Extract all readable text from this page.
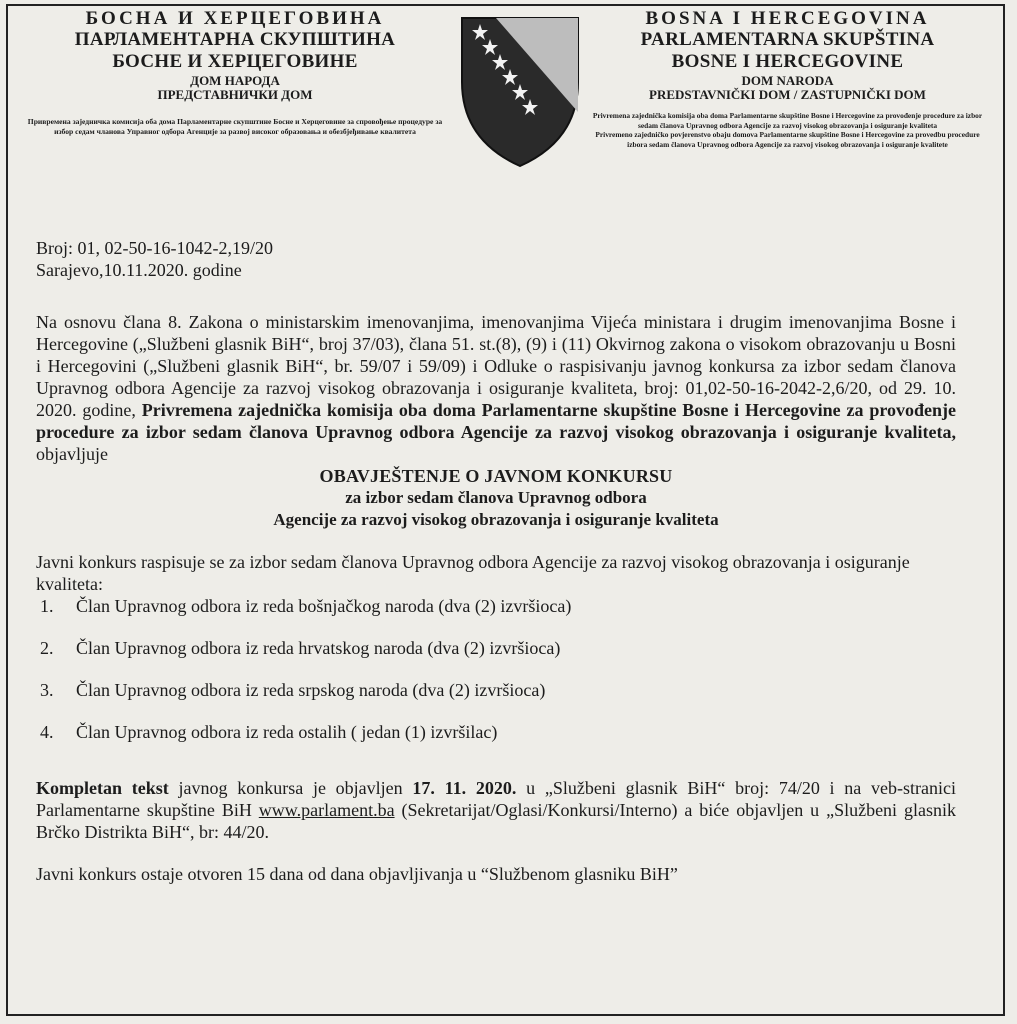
БОСНА И ХЕРЦЕГОВИНА
ПАРЛАМЕНТАРНА СКУПШТИНА
БОСНЕ И ХЕРЦЕГОВИНЕ
ДОМ НАРОДА
ПРЕДСТАВНИЧКИ ДОМ
Привремена заједничка комисија оба дома Парламентарне скупштине Босне и Херцеговине за спровођење процедуре за избор седам чланова Управног одбора Агенције за развој високог образовања и обезбјеђивање квалитета
BOSNA I HERCEGOVINA
PARLAMENTARNA SKUPŠTINA
BOSNE I HERCEGOVINE
DOM NARODA
PREDSTAVNIČKI DOM / ZASTUPNIČKI DOM
Privremena zajednička komisija oba doma Parlamentarne skupštine Bosne i Hercegovine za provođenje procedure za izbor sedam članova Upravnog odbora Agencije za razvoj visokog obrazovanja i osiguranje kvaliteta
Privremeno zajedničko povjerenstvo obaju domova Parlamentarne skupštine Bosne i Hercegovine za provedbu procedure izbora sedam članova Upravnog odbora Agencije za razvoj visokog obrazovanja i osiguranje kvalitete
Broj: 01, 02-50-16-1042-2,19/20
Sarajevo,10.11.2020. godine
Na osnovu člana 8. Zakona o ministarskim imenovanjima, imenovanjima Vijeća ministara i drugim imenovanjima Bosne i Hercegovine („Službeni glasnik BiH“, broj 37/03), člana 51. st.(8), (9) i (11) Okvirnog zakona o visokom obrazovanju u Bosni i Hercegovini („Službeni glasnik BiH“, br. 59/07 i 59/09) i Odluke o raspisivanju javnog konkursa za izbor sedam članova Upravnog odbora Agencije za razvoj visokog obrazovanja i osiguranje kvaliteta, broj: 01,02-50-16-2042-2,6/20, od 29. 10. 2020. godine, Privremena zajednička komisija oba doma Parlamentarne skupštine Bosne i Hercegovine za provođenje procedure za izbor sedam članova Upravnog odbora Agencije za razvoj visokog obrazovanja i osiguranje kvaliteta, objavljuje
OBAVJEŠTENJE O JAVNOM KONKURSU
za izbor sedam članova Upravnog odbora
Agencije za razvoj visokog obrazovanja i osiguranje kvaliteta
Javni konkurs raspisuje se za izbor sedam članova Upravnog odbora Agencije za razvoj visokog obrazovanja i osiguranje kvaliteta:
1.	Član Upravnog odbora iz reda bošnjačkog naroda (dva (2) izvršioca)
2.	Član Upravnog odbora iz reda hrvatskog naroda (dva (2) izvršioca)
3.	Član Upravnog odbora iz reda srpskog naroda (dva (2) izvršioca)
4.	Član Upravnog odbora iz reda ostalih ( jedan (1) izvršilac)
Kompletan tekst javnog konkursa je objavljen 17. 11. 2020. u „Službeni glasnik BiH“ broj: 74/20 i na veb-stranici Parlamentarne skupštine BiH www.parlament.ba (Sekretarijat/Oglasi/Konkursi/Interno) a biće objavljen u „Službeni glasnik Brčko Distrikta BiH“, br: 44/20.
Javni konkurs ostaje otvoren 15 dana od dana objavljivanja u “Službenom glasniku BiH”
